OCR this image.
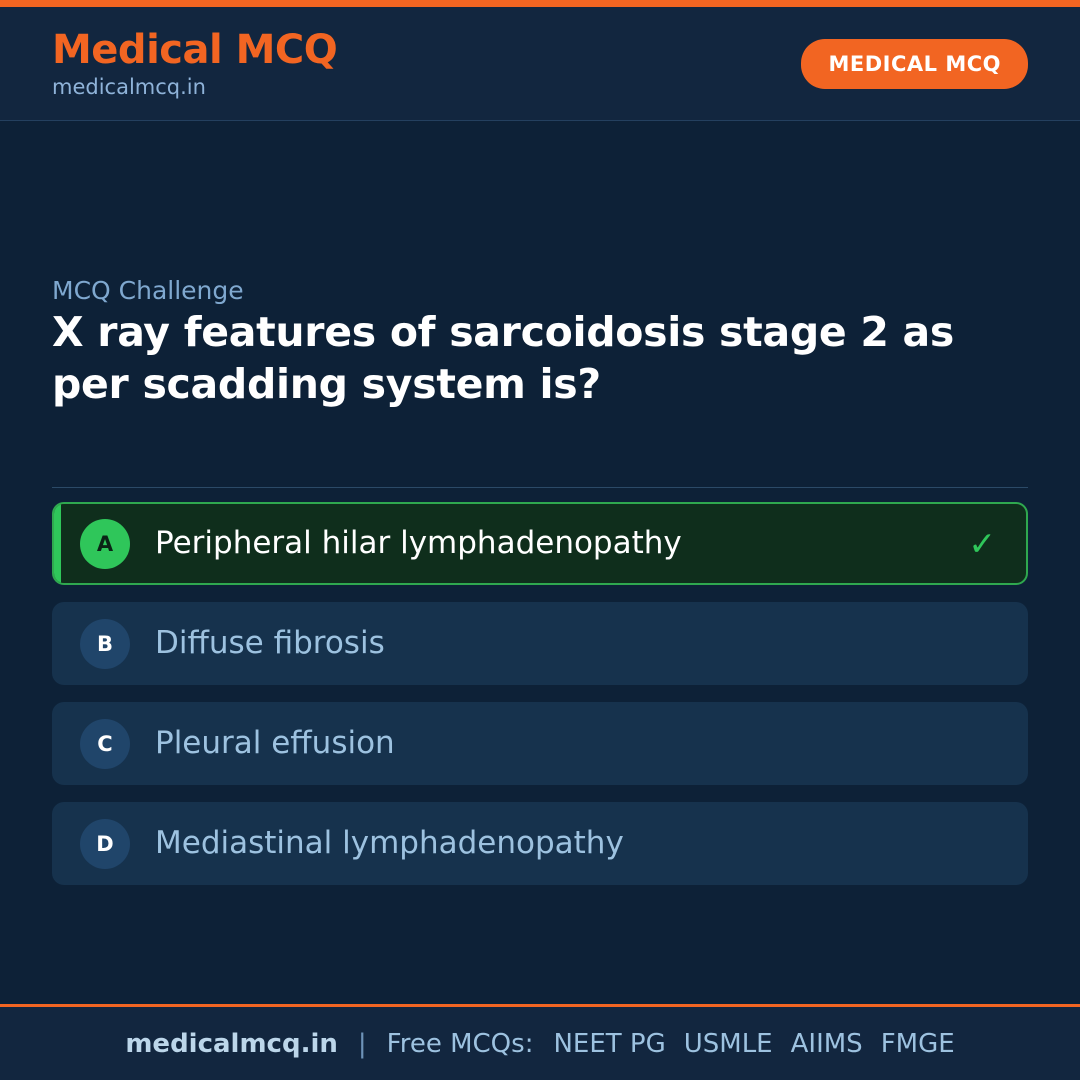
Medical MCQ
medicalmcq.in
MEDICAL MCQ
MCQ Challenge
X ray features of sarcoidosis stage 2 as per scadding system is?
A	Peripheral hilar lymphadenopathy	✓
B	Diffuse fibrosis
C	Pleural effusion
D	Mediastinal lymphadenopathy
medicalmcq.in | Free MCQs: NEET PG USMLE AIIMS FMGE
